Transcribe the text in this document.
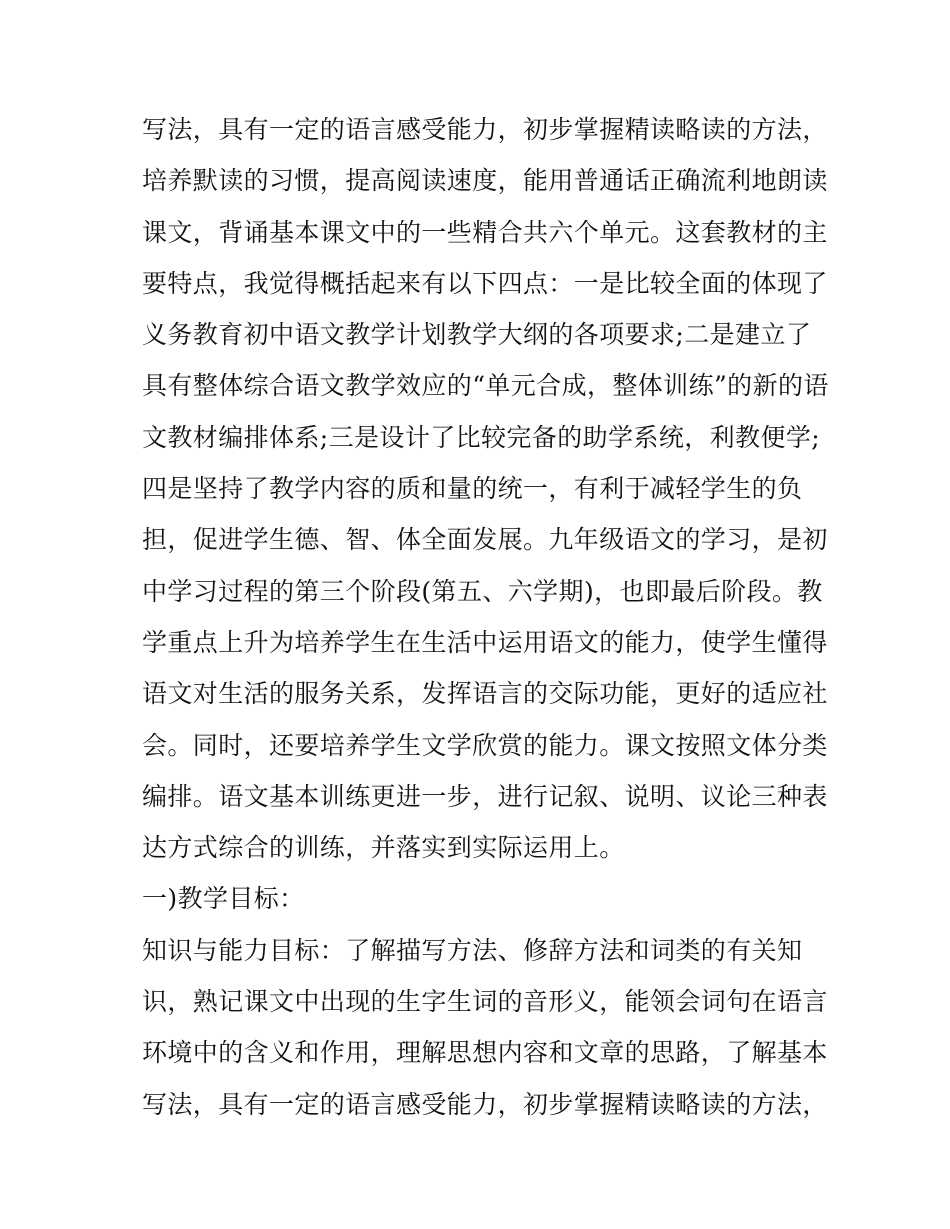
写法，具有一定的语言感受能力，初步掌握精读略读的方法，
培养默读的习惯，提高阅读速度，能用普通话正确流利地朗读
课文，背诵基本课文中的一些精合共六个单元。这套教材的主
要特点，我觉得概括起来有以下四点：一是比较全面的体现了
义务教育初中语文教学计划教学大纲的各项要求;二是建立了
具有整体综合语文教学效应的“单元合成，整体训练”的新的语
文教材编排体系;三是设计了比较完备的助学系统，利教便学;
四是坚持了教学内容的质和量的统一，有利于减轻学生的负
担，促进学生德、智、体全面发展。九年级语文的学习，是初
中学习过程的第三个阶段(第五、六学期)，也即最后阶段。教
学重点上升为培养学生在生活中运用语文的能力，使学生懂得
语文对生活的服务关系，发挥语言的交际功能，更好的适应社
会。同时，还要培养学生文学欣赏的能力。课文按照文体分类
编排。语文基本训练更进一步，进行记叙、说明、议论三种表
达方式综合的训练，并落实到实际运用上。
一)教学目标：
知识与能力目标：了解描写方法、修辞方法和词类的有关知
识，熟记课文中出现的生字生词的音形义，能领会词句在语言
环境中的含义和作用，理解思想内容和文章的思路，了解基本
写法，具有一定的语言感受能力，初步掌握精读略读的方法，
